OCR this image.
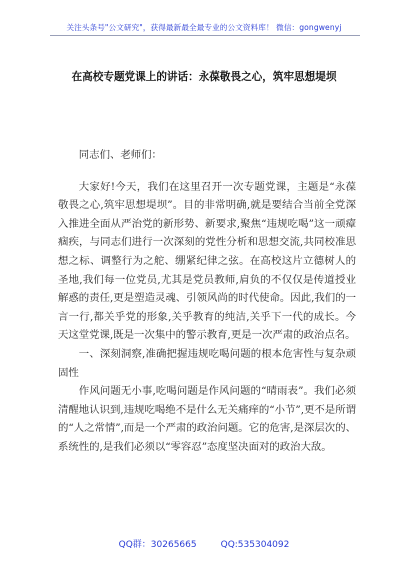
关注头条号"公文研究"，获得最新最全最专业的公文资料库！ 微信：gongwenyj
在高校专题党课上的讲话：永葆敬畏之心，筑牢思想堤坝

同志们、老师们：

大家好!今天，我们在这里召开一次专题党课，主题是“永葆敬畏之心,筑牢思想堤坝”。目的非常明确,就是要结合当前全党深入推进全面从严治党的新形势、新要求,聚焦“违规吃喝”这一顽瘴痼疾，与同志们进行一次深刻的党性分析和思想交流,共同校准思想之标、调整行为之舵、绷紧纪律之弦。在高校这片立德树人的圣地,我们每一位党员,尤其是党员教师,肩负的不仅仅是传道授业解惑的责任,更是塑造灵魂、引领风尚的时代使命。因此,我们的一言一行,都关乎党的形象,关乎教育的纯洁,关乎下一代的成长。今天这堂党课,既是一次集中的警示教育,更是一次严肃的政治点名。

一、深刻洞察,准确把握违规吃喝问题的根本危害性与复杂顽固性

作风问题无小事,吃喝问题是作风问题的“晴雨表”。我们必须清醒地认识到,违规吃喝绝不是什么无关痛痒的“小节”,更不是所谓的“人之常情”,而是一个严肃的政治问题。它的危害,是深层次的、系统性的,是我们必须以“零容忍”态度坚决面对的政治大敌。

QQ群：30265665	QQ:535304092
